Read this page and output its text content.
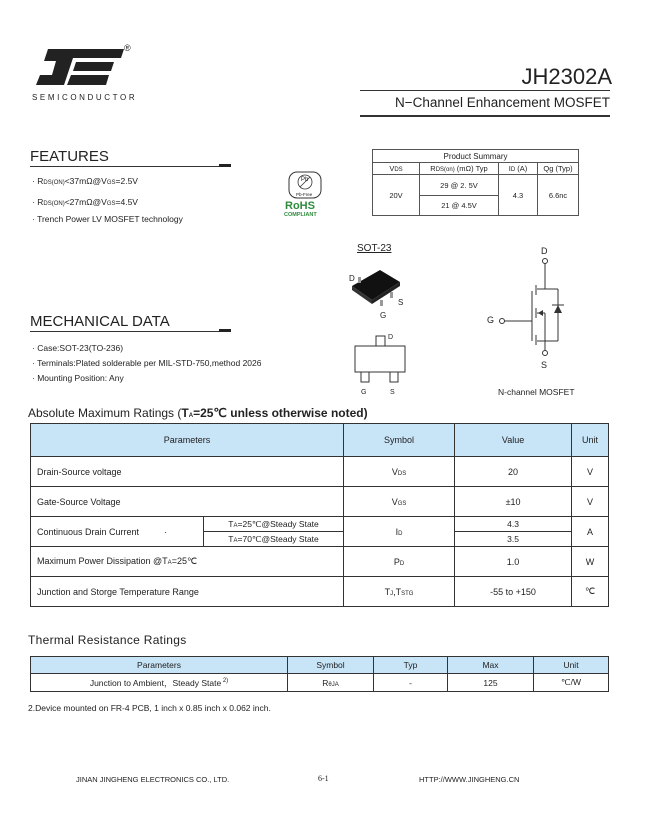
®
SEMICONDUCTOR
JH2302A
N−Channel Enhancement MOSFET
FEATURES
· RDS(ON)<37mΩ@VGS=2.5V
· RDS(ON)<27mΩ@VGS=4.5V
· Trench Power LV MOSFET technology
Pb
Pb-Free
RoHS
COMPLIANT
Product Summary			
VDS	RDS(on) (mΩ) Typ	ID (A)	Qg (Typ)
20V	29 @ 2. 5V	4.3	6.6nc
	21 @ 4.5V		
SOT-23
D
S
G
D
G	S
D
G
S
N-channel MOSFET
MECHANICAL DATA
· Case:SOT-23(TO-236)
· Terminals:Plated solderable per MIL-STD-750,method 2026
· Mounting Position: Any
Absolute Maximum Ratings (TA=25℃ unless otherwise noted)
Parameters		Symbol	Value	Unit
Drain-Source voltage		VDS	20	V
Gate-Source Voltage		VGS	±10	V
Continuous Drain Current ·	TA=25℃@Steady State	ID	4.3	A
	TA=70℃@Steady State		3.5	
Maximum Power Dissipation @TA=25℃		PD	1.0	W
Junction and Storge Temperature Range		TJ,TSTG	-55 to +150	℃
Thermal Resistance Ratings
Parameters	Symbol	Typ	Max	Unit
Junction to Ambient，Steady State $^{2)}$	RθJA	-	125	℃/W
2.Device mounted on FR-4 PCB, 1 inch x 0.85 inch x 0.062 inch.
JINAN JINGHENG ELECTRONICS CO., LTD.	6-1	HTTP://WWW.JINGHENG.CN
